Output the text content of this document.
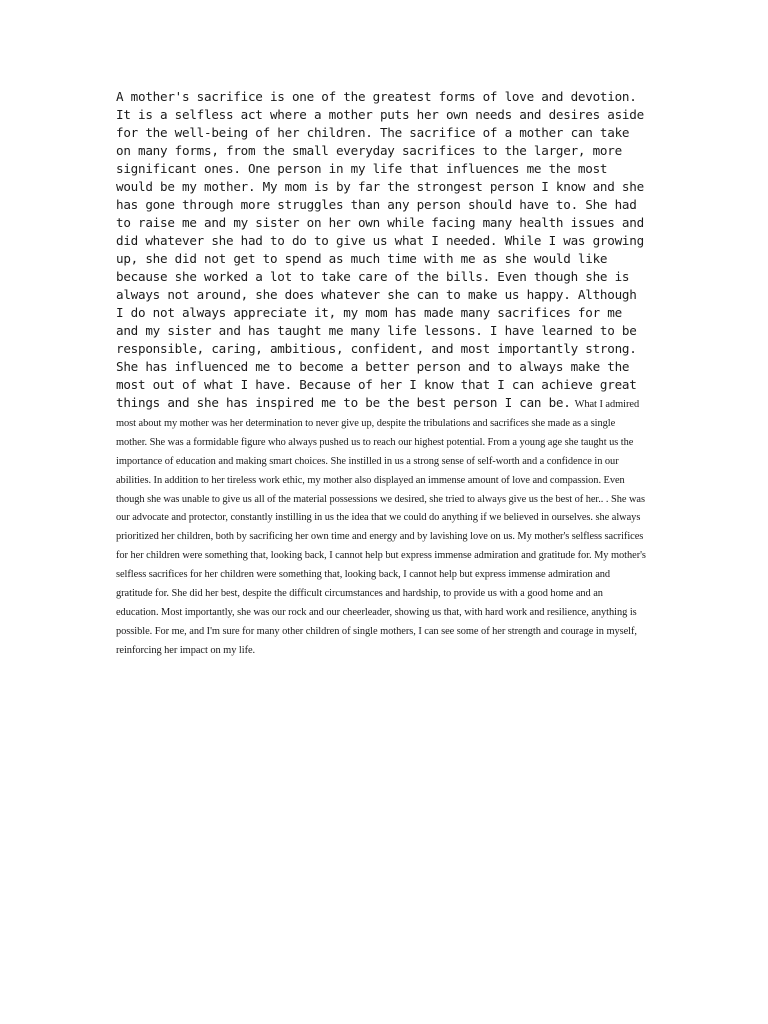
A mother's sacrifice is one of the greatest forms of love and devotion. It is a selfless act where a mother puts her own needs and desires aside for the well-being of her children. The sacrifice of a mother can take on many forms, from the small everyday sacrifices to the larger, more significant ones. One person in my life that influences me the most would be my mother. My mom is by far the strongest person I know and she has gone through more struggles than any person should have to. She had to raise me and my sister on her own while facing many health issues and did whatever she had to do to give us what I needed. While I was growing up, she did not get to spend as much time with me as she would like because she worked a lot to take care of the bills. Even though she is always not around, she does whatever she can to make us happy. Although I do not always appreciate it, my mom has made many sacrifices for me and my sister and has taught me many life lessons. I have learned to be responsible, caring, ambitious, confident, and most importantly strong. She has influenced me to become a better person and to always make the most out of what I have. Because of her I know that I can achieve great things and she has inspired me to be the best person I can be. What I admired most about my mother was her determination to never give up, despite the tribulations and sacrifices she made as a single mother. She was a formidable figure who always pushed us to reach our highest potential. From a young age she taught us the importance of education and making smart choices. She instilled in us a strong sense of self-worth and a confidence in our abilities. In addition to her tireless work ethic, my mother also displayed an immense amount of love and compassion. Even though she was unable to give us all of the material possessions we desired, she tried to always give us the best of her.. . She was our advocate and protector, constantly instilling in us the idea that we could do anything if we believed in ourselves. she always prioritized her children, both by sacrificing her own time and energy and by lavishing love on us. My mother's selfless sacrifices for her children were something that, looking back, I cannot help but express immense admiration and gratitude for. My mother's selfless sacrifices for her children were something that, looking back, I cannot help but express immense admiration and gratitude for. She did her best, despite the difficult circumstances and hardship, to provide us with a good home and an education. Most importantly, she was our rock and our cheerleader, showing us that, with hard work and resilience, anything is possible. For me, and I'm sure for many other children of single mothers, I can see some of her strength and courage in myself, reinforcing her impact on my life.
